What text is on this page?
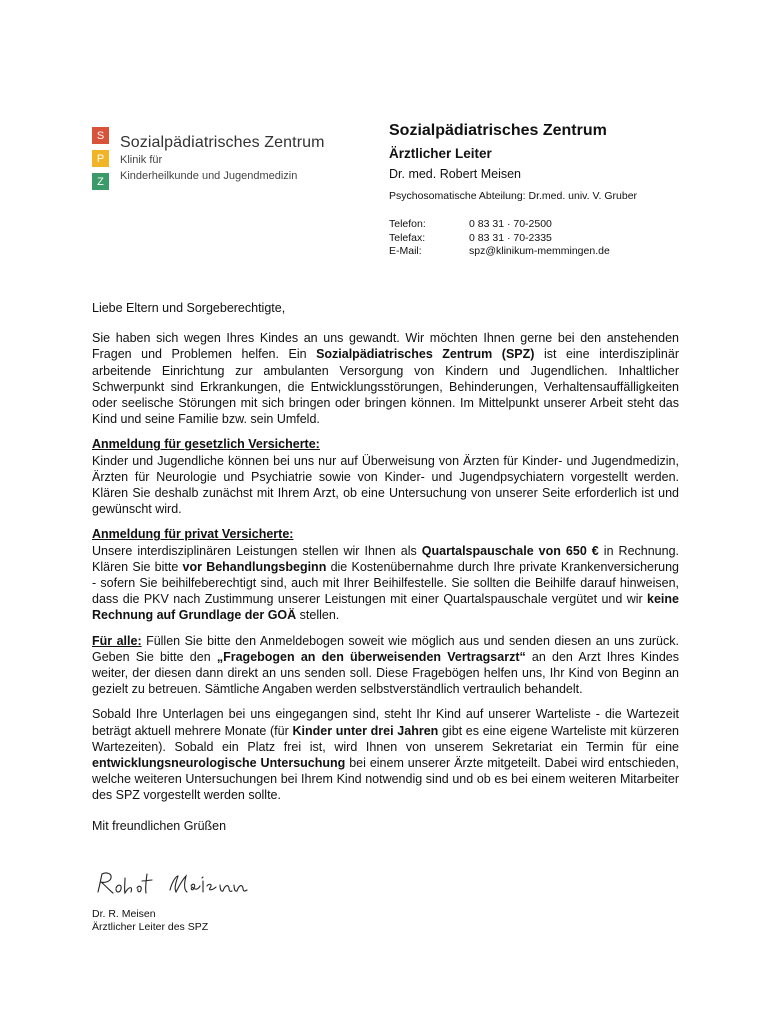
S
P
Z
Sozialpädiatrisches Zentrum
Klinik für
Kinderheilkunde und Jugendmedizin
Sozialpädiatrisches Zentrum
Ärztlicher Leiter
Dr. med. Robert Meisen
Psychosomatische Abteilung: Dr.med. univ. V. Gruber
Telefon:	0 83 31 · 70-2500
Telefax:	0 83 31 · 70-2335
E-Mail:	spz@klinikum-memmingen.de

Liebe Eltern und Sorgeberechtigte,

Sie haben sich wegen Ihres Kindes an uns gewandt. Wir möchten Ihnen gerne bei den anstehenden Fragen und Problemen helfen. Ein Sozialpädiatrisches Zentrum (SPZ) ist eine interdisziplinär arbeitende Einrichtung zur ambulanten Versorgung von Kindern und Jugendlichen. Inhaltlicher Schwerpunkt sind Erkrankungen, die Entwicklungsstörungen, Behinderungen, Verhaltensauffälligkeiten oder seelische Störungen mit sich bringen oder bringen können. Im Mittelpunkt unserer Arbeit steht das Kind und seine Familie bzw. sein Umfeld.

Anmeldung für gesetzlich Versicherte:

Kinder und Jugendliche können bei uns nur auf Überweisung von Ärzten für Kinder- und Jugendmedizin, Ärzten für Neurologie und Psychiatrie sowie von Kinder- und Jugendpsychiatern vorgestellt werden. Klären Sie deshalb zunächst mit Ihrem Arzt, ob eine Untersuchung von unserer Seite erforderlich ist und gewünscht wird.

Anmeldung für privat Versicherte:

Unsere interdisziplinären Leistungen stellen wir Ihnen als Quartalspauschale von 650 € in Rechnung. Klären Sie bitte vor Behandlungsbeginn die Kostenübernahme durch Ihre private Krankenversicherung - sofern Sie beihilfeberechtigt sind, auch mit Ihrer Beihilfestelle. Sie sollten die Beihilfe darauf hinweisen, dass die PKV nach Zustimmung unserer Leistungen mit einer Quartalspauschale vergütet und wir keine Rechnung auf Grundlage der GOÄ stellen.

Für alle: Füllen Sie bitte den Anmeldebogen soweit wie möglich aus und senden diesen an uns zurück. Geben Sie bitte den „Fragebogen an den überweisenden Vertragsarzt“ an den Arzt Ihres Kindes weiter, der diesen dann direkt an uns senden soll. Diese Fragebögen helfen uns, Ihr Kind von Beginn an gezielt zu betreuen. Sämtliche Angaben werden selbstverständlich vertraulich behandelt.

Sobald Ihre Unterlagen bei uns eingegangen sind, steht Ihr Kind auf unserer Warteliste - die Wartezeit beträgt aktuell mehrere Monate (für Kinder unter drei Jahren gibt es eine eigene Warteliste mit kürzeren Wartezeiten). Sobald ein Platz frei ist, wird Ihnen von unserem Sekretariat ein Termin für eine entwicklungsneurologische Untersuchung bei einem unserer Ärzte mitgeteilt. Dabei wird entschieden, welche weiteren Untersuchungen bei Ihrem Kind notwendig sind und ob es bei einem weiteren Mitarbeiter des SPZ vorgestellt werden sollte.

Mit freundlichen Grüßen

Dr. R. Meisen
Ärztlicher Leiter des SPZ
